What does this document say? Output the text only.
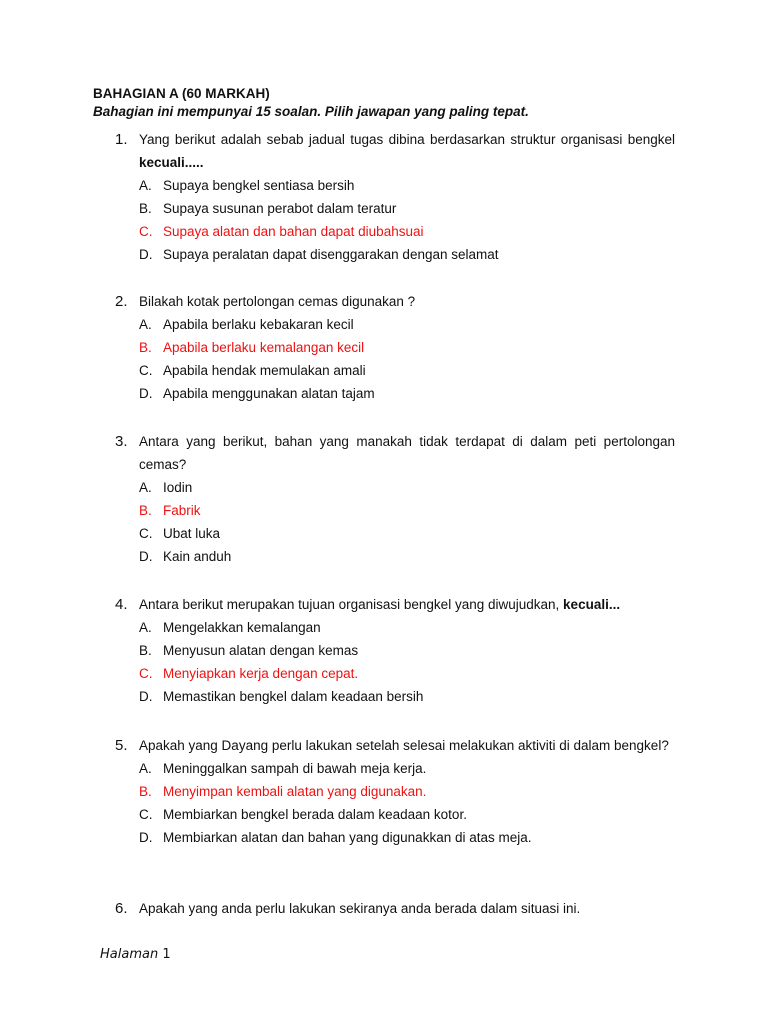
BAHAGIAN A (60 MARKAH)
Bahagian ini mempunyai 15 soalan. Pilih jawapan yang paling tepat.
1. Yang berikut adalah sebab jadual tugas dibina berdasarkan struktur organisasi bengkel kecuali.....
A. Supaya bengkel sentiasa bersih
B. Supaya susunan perabot dalam teratur
C. Supaya alatan dan bahan dapat diubahsuai
D. Supaya peralatan dapat disenggarakan dengan selamat
2. Bilakah kotak pertolongan cemas digunakan ?
A. Apabila berlaku kebakaran kecil
B. Apabila berlaku kemalangan kecil
C. Apabila hendak memulakan amali
D. Apabila menggunakan alatan tajam
3. Antara yang berikut, bahan yang manakah tidak terdapat di dalam peti pertolongan cemas?
A. Iodin
B. Fabrik
C. Ubat luka
D. Kain anduh
4. Antara berikut merupakan tujuan organisasi bengkel yang diwujudkan, kecuali...
A. Mengelakkan kemalangan
B. Menyusun alatan dengan kemas
C. Menyiapkan kerja dengan cepat.
D. Memastikan bengkel dalam keadaan bersih
5. Apakah yang Dayang perlu lakukan setelah selesai melakukan aktiviti di dalam bengkel?
A. Meninggalkan sampah di bawah meja kerja.
B. Menyimpan kembali alatan yang digunakan.
C. Membiarkan bengkel berada dalam keadaan kotor.
D. Membiarkan alatan dan bahan yang digunakkan di atas meja.
6. Apakah yang anda perlu lakukan sekiranya anda berada dalam situasi ini.
Halaman 1
